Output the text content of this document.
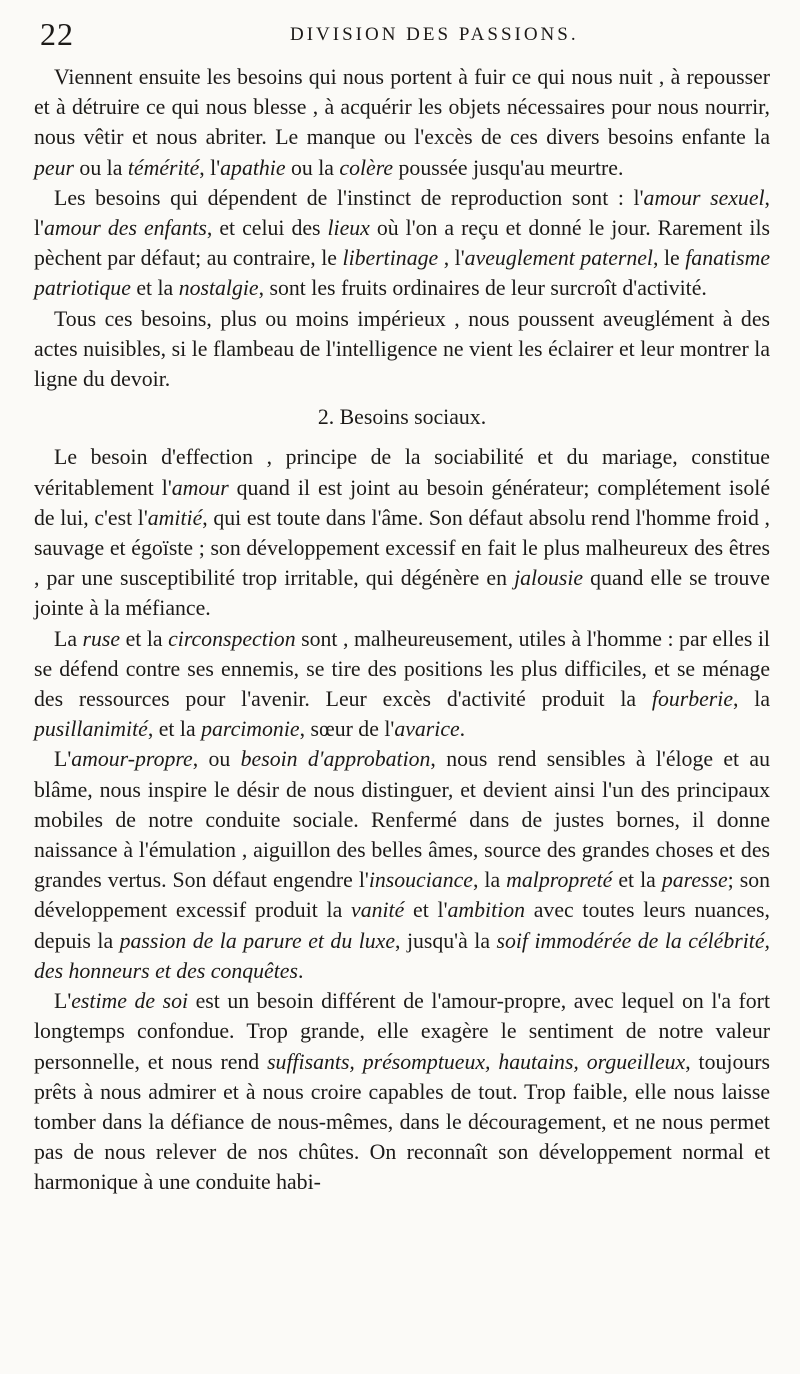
22	DIVISION DES PASSIONS.

Viennent ensuite les besoins qui nous portent à fuir ce qui nous nuit , à repousser et à détruire ce qui nous blesse , à acquérir les objets nécessaires pour nous nourrir, nous vêtir et nous abriter. Le manque ou l'excès de ces divers besoins enfante la peur ou la témérité, l'apathie ou la colère poussée jusqu'au meurtre.

Les besoins qui dépendent de l'instinct de reproduction sont : l'amour sexuel, l'amour des enfants, et celui des lieux où l'on a reçu et donné le jour. Rarement ils pèchent par défaut; au contraire, le libertinage , l'aveuglement paternel, le fanatisme patriotique et la nostalgie, sont les fruits ordinaires de leur surcroît d'activité.

Tous ces besoins, plus ou moins impérieux , nous poussent aveuglément à des actes nuisibles, si le flambeau de l'intelligence ne vient les éclairer et leur montrer la ligne du devoir.

2. Besoins sociaux.

Le besoin d'effection , principe de la sociabilité et du mariage, constitue véritablement l'amour quand il est joint au besoin générateur; complétement isolé de lui, c'est l'amitié, qui est toute dans l'âme. Son défaut absolu rend l'homme froid , sauvage et égoïste ; son développement excessif en fait le plus malheureux des êtres , par une susceptibilité trop irritable, qui dégénère en jalousie quand elle se trouve jointe à la méfiance.

La ruse et la circonspection sont , malheureusement, utiles à l'homme : par elles il se défend contre ses ennemis, se tire des positions les plus difficiles, et se ménage des ressources pour l'avenir. Leur excès d'activité produit la fourberie, la pusillanimité, et la parcimonie, sœur de l'avarice.

L'amour-propre, ou besoin d'approbation, nous rend sensibles à l'éloge et au blâme, nous inspire le désir de nous distinguer, et devient ainsi l'un des principaux mobiles de notre conduite sociale. Renfermé dans de justes bornes, il donne naissance à l'émulation , aiguillon des belles âmes, source des grandes choses et des grandes vertus. Son défaut engendre l'insouciance, la malpropreté et la paresse; son développement excessif produit la vanité et l'ambition avec toutes leurs nuances, depuis la passion de la parure et du luxe, jusqu'à la soif immodérée de la célébrité, des honneurs et des conquêtes.

L'estime de soi est un besoin différent de l'amour-propre, avec lequel on l'a fort longtemps confondue. Trop grande, elle exagère le sentiment de notre valeur personnelle, et nous rend suffisants, présomptueux, hautains, orgueilleux, toujours prêts à nous admirer et à nous croire capables de tout. Trop faible, elle nous laisse tomber dans la défiance de nous-mêmes, dans le découragement, et ne nous permet pas de nous relever de nos chûtes. On reconnaît son développement normal et harmonique à une conduite habi-
